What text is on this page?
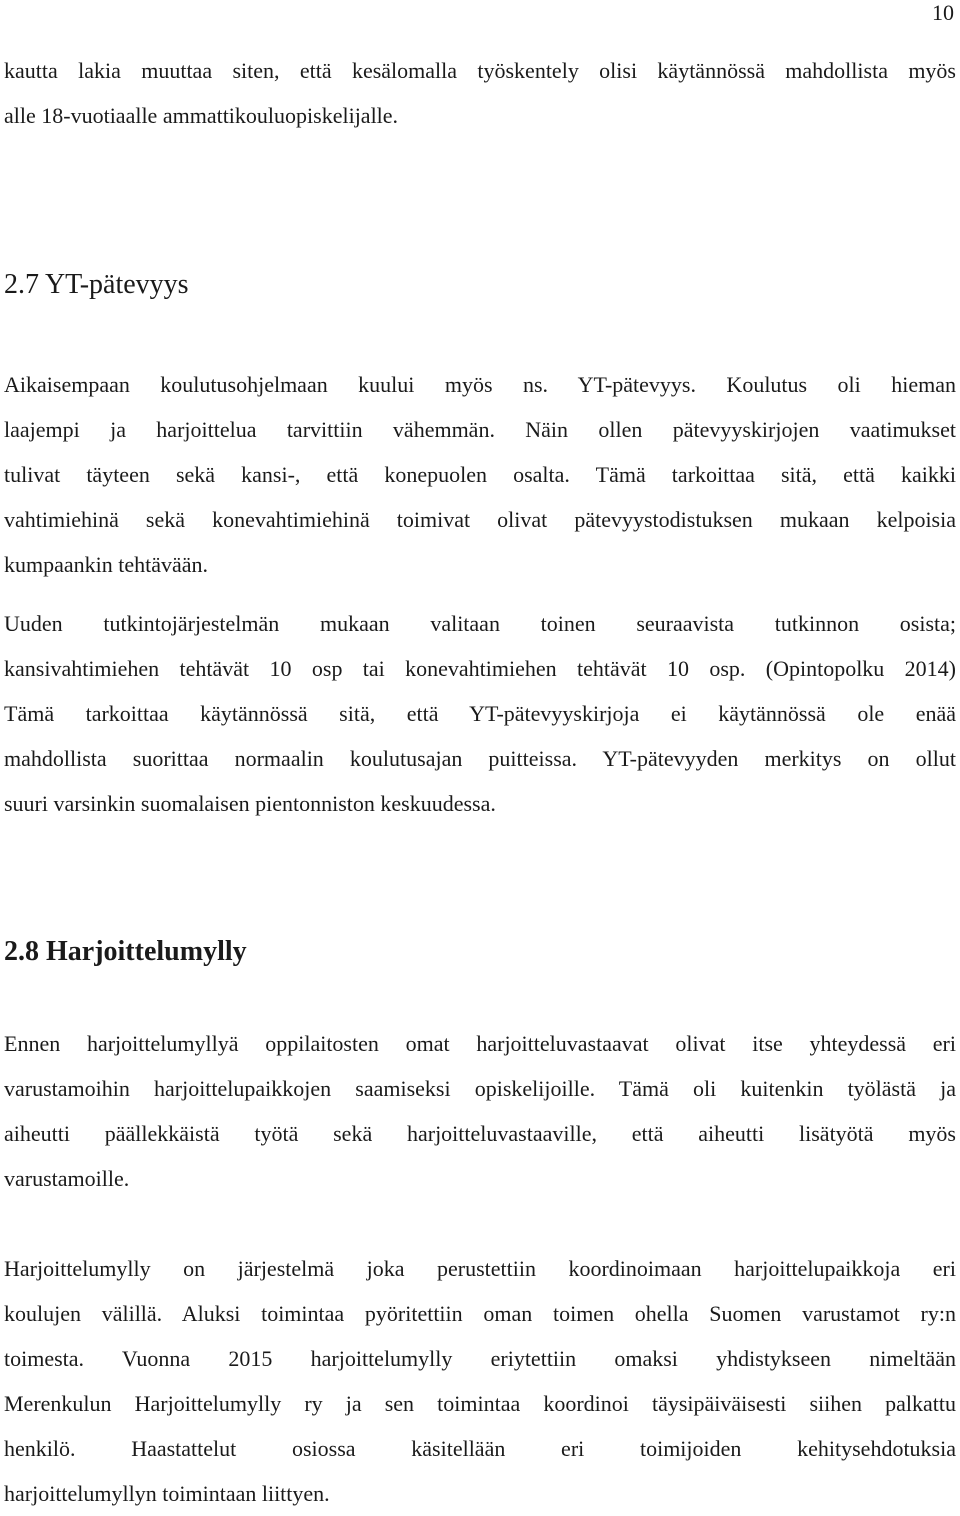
10
kautta lakia muuttaa siten, että kesälomalla työskentely olisi käytännössä mahdollista myös
alle 18-vuotiaalle ammattikouluopiskelijalle.
2.7 YT-pätevyys
Aikaisempaan koulutusohjelmaan kuului myös ns. YT-pätevyys. Koulutus oli hieman
laajempi ja harjoittelua tarvittiin vähemmän. Näin ollen pätevyyskirjojen vaatimukset
tulivat täyteen sekä kansi-, että konepuolen osalta. Tämä tarkoittaa sitä, että kaikki
vahtimiehinä sekä konevahtimiehinä toimivat olivat pätevyystodistuksen mukaan kelpoisia
kumpaankin tehtävään.
Uuden tutkintojärjestelmän mukaan valitaan toinen seuraavista tutkinnon osista;
kansivahtimiehen tehtävät 10 osp tai konevahtimiehen tehtävät 10 osp. (Opintopolku 2014)
Tämä tarkoittaa käytännössä sitä, että YT-pätevyyskirjoja ei käytännössä ole enää
mahdollista suorittaa normaalin koulutusajan puitteissa. YT-pätevyyden merkitys on ollut
suuri varsinkin suomalaisen pientonniston keskuudessa.
2.8 Harjoittelumylly
Ennen harjoittelumyllyä oppilaitosten omat harjoitteluvastaavat olivat itse yhteydessä eri
varustamoihin harjoittelupaikkojen saamiseksi opiskelijoille. Tämä oli kuitenkin työlästä ja
aiheutti päällekkäistä työtä sekä harjoitteluvastaaville, että aiheutti lisätyötä myös
varustamoille.
Harjoittelumylly on järjestelmä joka perustettiin koordinoimaan harjoittelupaikkoja eri
koulujen välillä. Aluksi toimintaa pyöritettiin oman toimen ohella Suomen varustamot ry:n
toimesta. Vuonna 2015 harjoittelumylly eriytettiin omaksi yhdistykseen nimeltään
Merenkulun Harjoittelumylly ry ja sen toimintaa koordinoi täysipäiväisesti siihen palkattu
henkilö. Haastattelut osiossa käsitellään eri toimijoiden kehitysehdotuksia
harjoittelumyllyn toimintaan liittyen.
